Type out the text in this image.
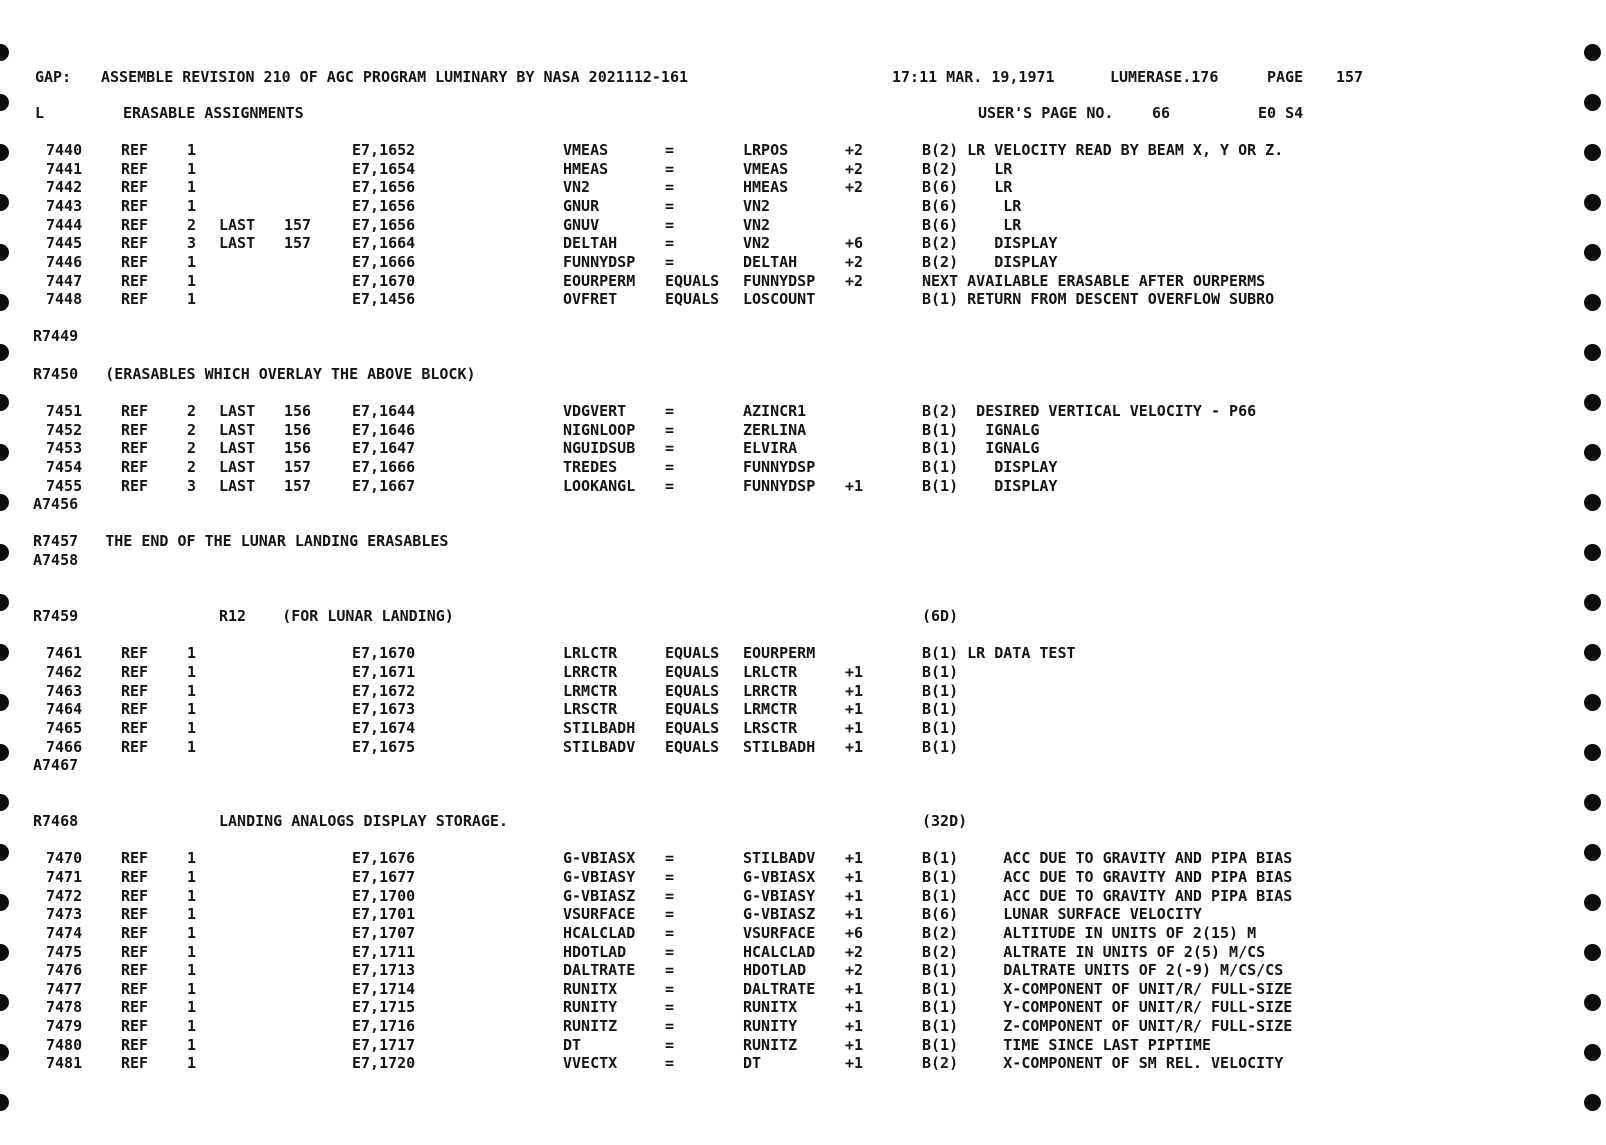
GAP:

ASSEMBLE REVISION 210 OF AGC PROGRAM LUMINARY BY NASA 2021112-161

	17:11 MAR. 19,1971

	LUMERASE.176

	PAGE

157

L

	ERASABLE ASSIGNMENTS

	USER'S PAGE NO.

	66

	E0 S4

7440	REF	1	E7,1652	VMEAS	=	LRPOS	+2	B(2) LR VELOCITY READ BY BEAM X, Y OR Z.
7441	REF	1	E7,1654	HMEAS	=	VMEAS	+2	B(2)    LR
7442	REF	1	E7,1656	VN2	=	HMEAS	+2	B(6)    LR
7443	REF	1	E7,1656	GNUR	=	VN2	B(6)     LR
7444	REF	2 LAST 157	E7,1656	GNUV	=	VN2	B(6)     LR
7445	REF	3 LAST 157	E7,1664	DELTAH	=	VN2	+6	B(2)    DISPLAY
7446	REF	1	E7,1666	FUNNYDSP =	DELTAH	+2	B(2)    DISPLAY
7447	REF	1	E7,1670	EOURPERM EQUALS FUNNYDSP +2	NEXT AVAILABLE ERASABLE AFTER OURPERMS
7448	REF	1	E7,1456	OVFRET	EQUALS LOSCOUNT	B(1) RETURN FROM DESCENT OVERFLOW SUBRO
R7449
R7450   (ERASABLES WHICH OVERLAY THE ABOVE BLOCK)
7451	REF	2 LAST 156	E7,1644	VDGVERT	=	AZINCR1	B(2)  DESIRED VERTICAL VELOCITY - P66
7452	REF	2 LAST 156	E7,1646	NIGNLOOP =	ZERLINA	B(1)   IGNALG
7453	REF	2 LAST 156	E7,1647	NGUIDSUB =	ELVIRA	B(1)   IGNALG
7454	REF	2 LAST 157	E7,1666	TREDES	=	FUNNYDSP	B(1)    DISPLAY
7455	REF	3 LAST 157	E7,1667	LOOKANGL =	FUNNYDSP +1	B(1)    DISPLAY
A7456
R7457   THE END OF THE LUNAR LANDING ERASABLES
A7458
R7459	R12    (FOR LUNAR LANDING)	(6D)
7461	REF	1	E7,1670	LRLCTR	EQUALS EOURPERM	B(1) LR DATA TEST
7462	REF	1	E7,1671	LRRCTR	EQUALS LRLCTR	+1	B(1)
7463	REF	1	E7,1672	LRMCTR	EQUALS LRRCTR	+1	B(1)
7464	REF	1	E7,1673	LRSCTR	EQUALS LRMCTR	+1	B(1)
7465	REF	1	E7,1674	STILBADH EQUALS LRSCTR	+1	B(1)
7466	REF	1	E7,1675	STILBADV EQUALS STILBADH +1	B(1)
A7467
R7468	LANDING ANALOGS DISPLAY STORAGE.	(32D)
7470	REF	1	E7,1676	G-VBIASX =	STILBADV +1	B(1)     ACC DUE TO GRAVITY AND PIPA BIAS
7471	REF	1	E7,1677	G-VBIASY =	G-VBIASX +1	B(1)     ACC DUE TO GRAVITY AND PIPA BIAS
7472	REF	1	E7,1700	G-VBIASZ =	G-VBIASY +1	B(1)     ACC DUE TO GRAVITY AND PIPA BIAS
7473	REF	1	E7,1701	VSURFACE =	G-VBIASZ +1	B(6)     LUNAR SURFACE VELOCITY
7474	REF	1	E7,1707	HCALCLAD =	VSURFACE +6	B(2)     ALTITUDE IN UNITS OF 2(15) M
7475	REF	1	E7,1711	HDOTLAD	=	HCALCLAD +2	B(2)     ALTRATE IN UNITS OF 2(5) M/CS
7476	REF	1	E7,1713	DALTRATE =	HDOTLAD	+2	B(1)     DALTRATE UNITS OF 2(-9) M/CS/CS
7477	REF	1	E7,1714	RUNITX	=	DALTRATE +1	B(1)     X-COMPONENT OF UNIT/R/ FULL-SIZE
7478	REF	1	E7,1715	RUNITY	=	RUNITX	+1	B(1)     Y-COMPONENT OF UNIT/R/ FULL-SIZE
7479	REF	1	E7,1716	RUNITZ	=	RUNITY	+1	B(1)     Z-COMPONENT OF UNIT/R/ FULL-SIZE
7480	REF	1	E7,1717	DT	=	RUNITZ	+1	B(1)     TIME SINCE LAST PIPTIME
7481	REF	1	E7,1720	VVECTX	=	DT	+1	B(2)     X-COMPONENT OF SM REL. VELOCITY
